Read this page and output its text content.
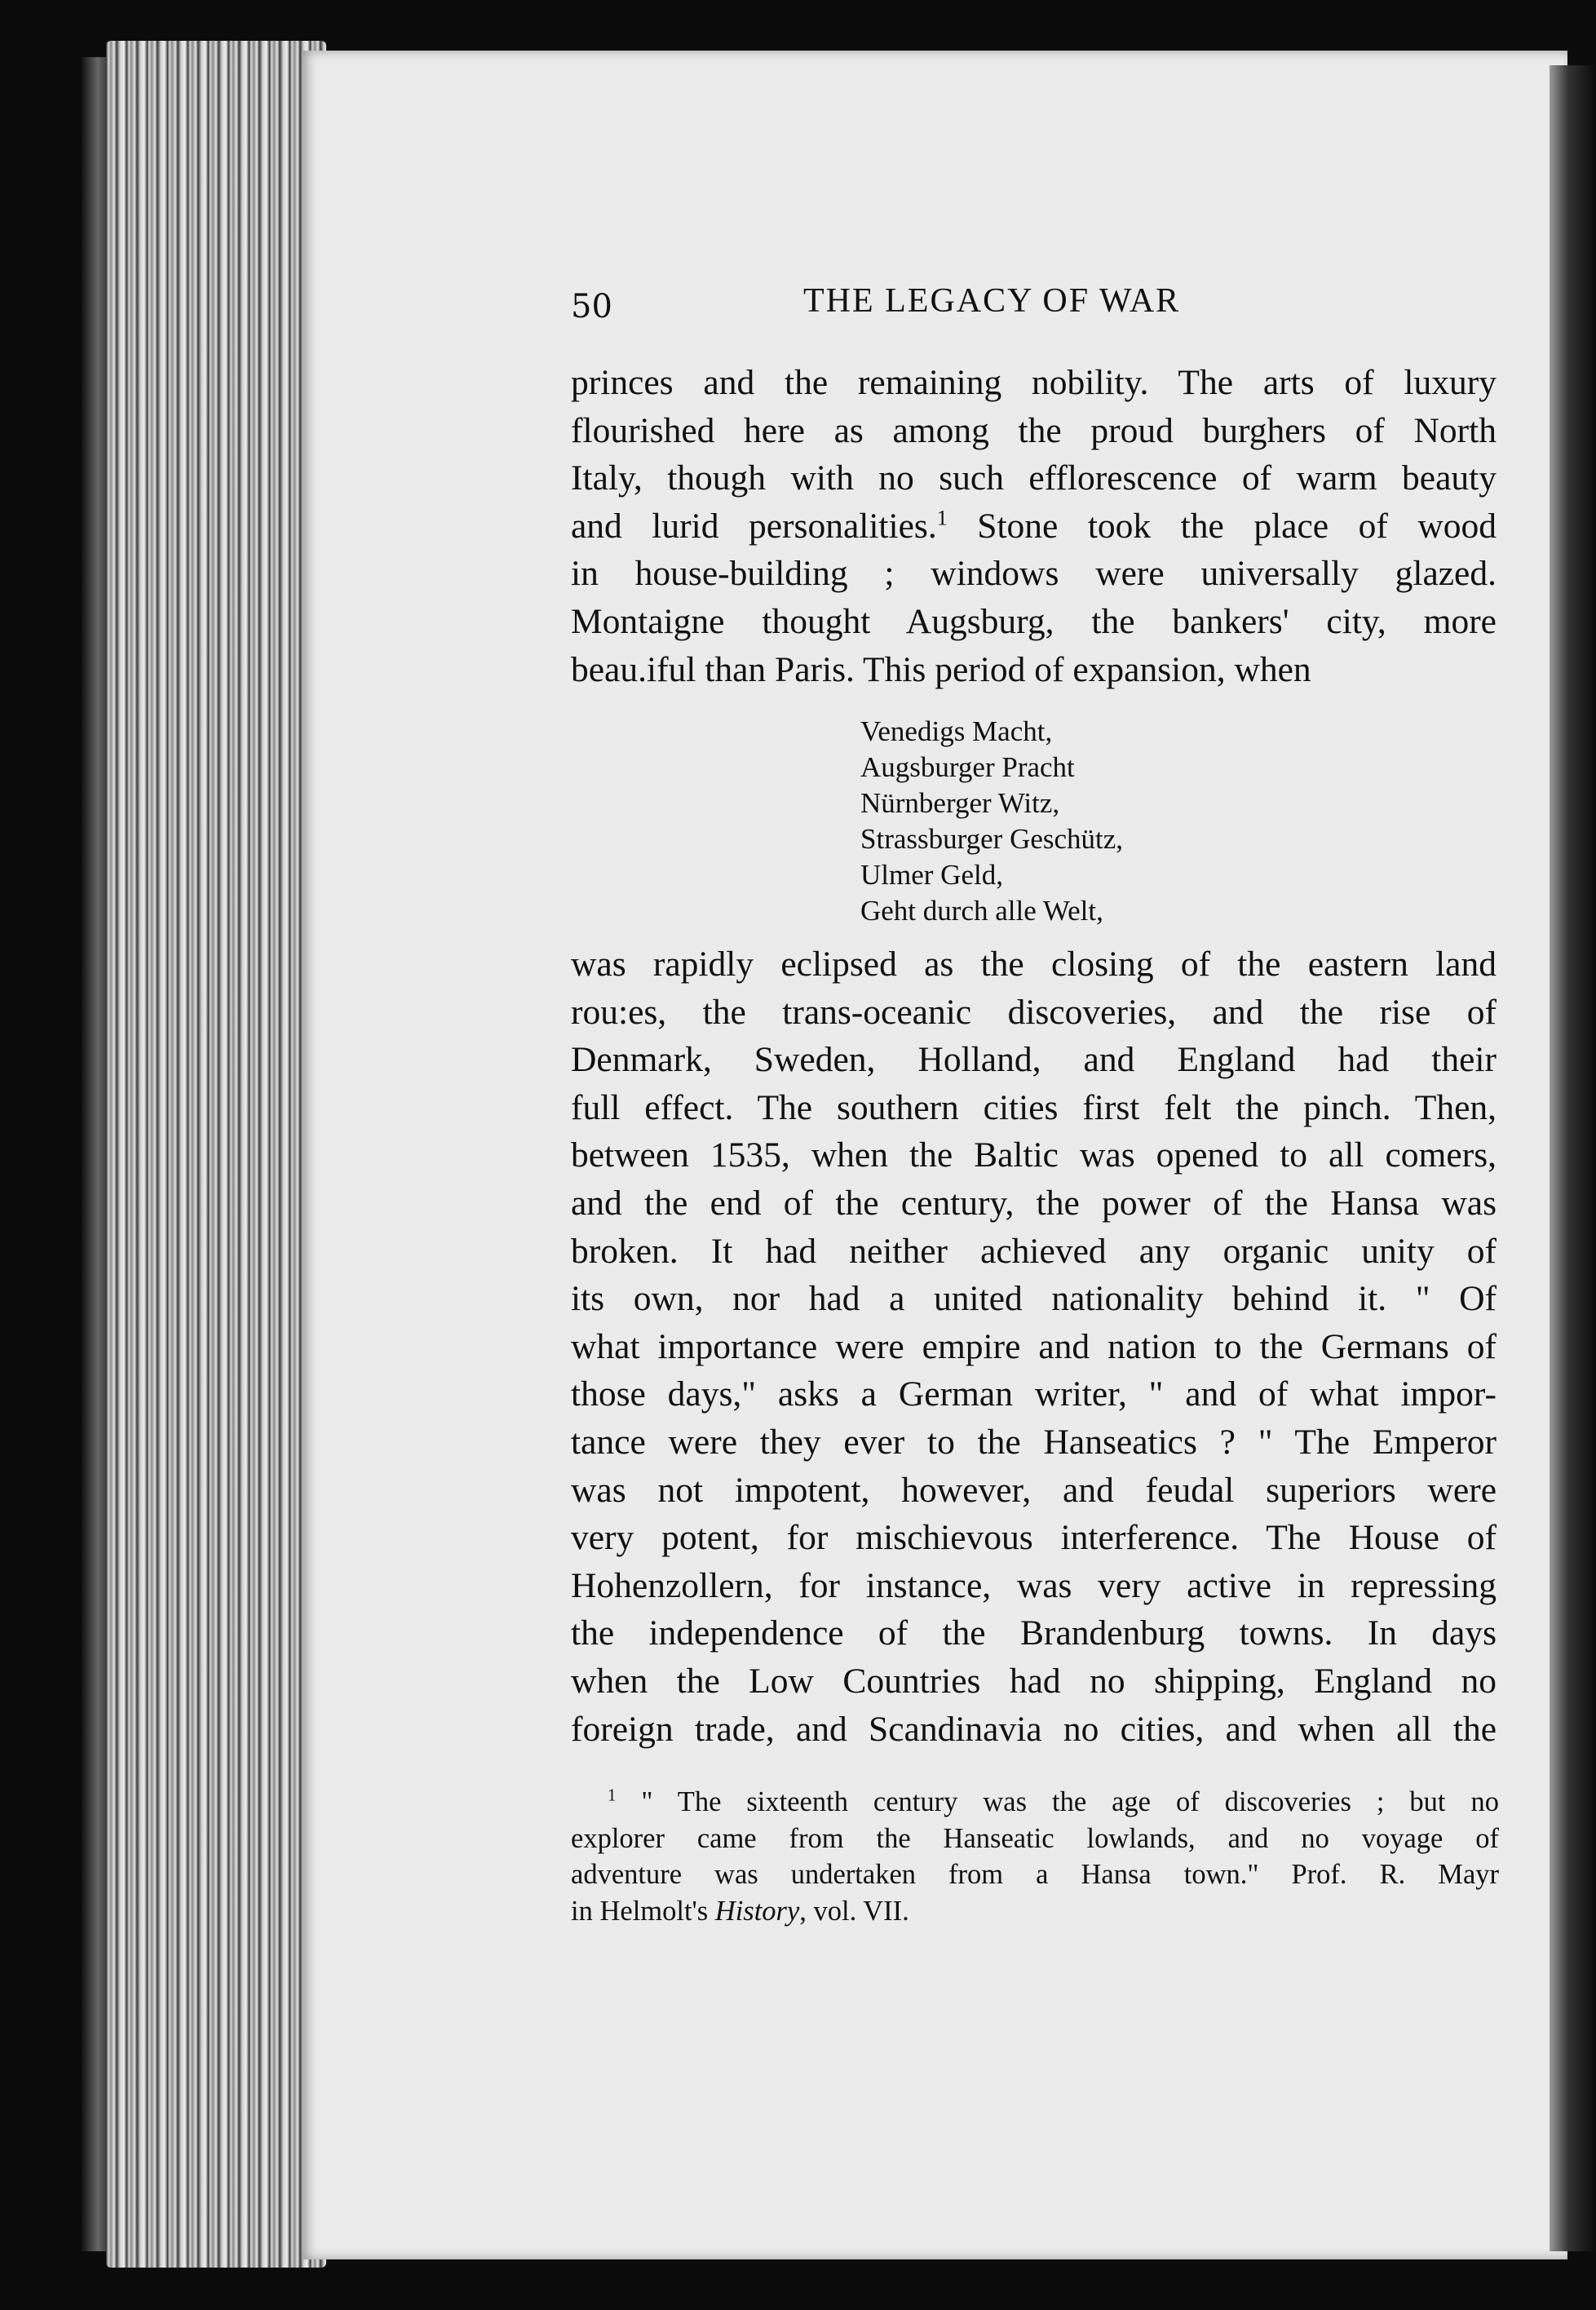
50	THE LEGACY OF WAR
princes and the remaining nobility. The arts of luxury
flourished here as among the proud burghers of North
Italy, though with no such efflorescence of warm beauty
and lurid personalities.$^1$ Stone took the place of wood
in house-building ; windows were universally glazed.
Montaigne thought Augsburg, the bankers' city, more
beau.iful than Paris. This period of expansion, when
Venedigs Macht,
Augsburger Pracht
Nürnberger Witz,
Strassburger Geschütz,
Ulmer Geld,
Geht durch alle Welt,
was rapidly eclipsed as the closing of the eastern land
rou:es, the trans-oceanic discoveries, and the rise of
Denmark, Sweden, Holland, and England had their
full effect. The southern cities first felt the pinch. Then,
between 1535, when the Baltic was opened to all comers,
and the end of the century, the power of the Hansa was
broken. It had neither achieved any organic unity of
its own, nor had a united nationality behind it. " Of
what importance were empire and nation to the Germans of
those days," asks a German writer, " and of what impor-
tance were they ever to the Hanseatics ? " The Emperor
was not impotent, however, and feudal superiors were
very potent, for mischievous interference. The House of
Hohenzollern, for instance, was very active in repressing
the independence of the Brandenburg towns. In days
when the Low Countries had no shipping, England no
foreign trade, and Scandinavia no cities, and when all the
$^1$ " The sixteenth century was the age of discoveries ; but no
explorer came from the Hanseatic lowlands, and no voyage of
adventure was undertaken from a Hansa town." Prof. R. Mayr
in Helmolt's History, vol. VII.
